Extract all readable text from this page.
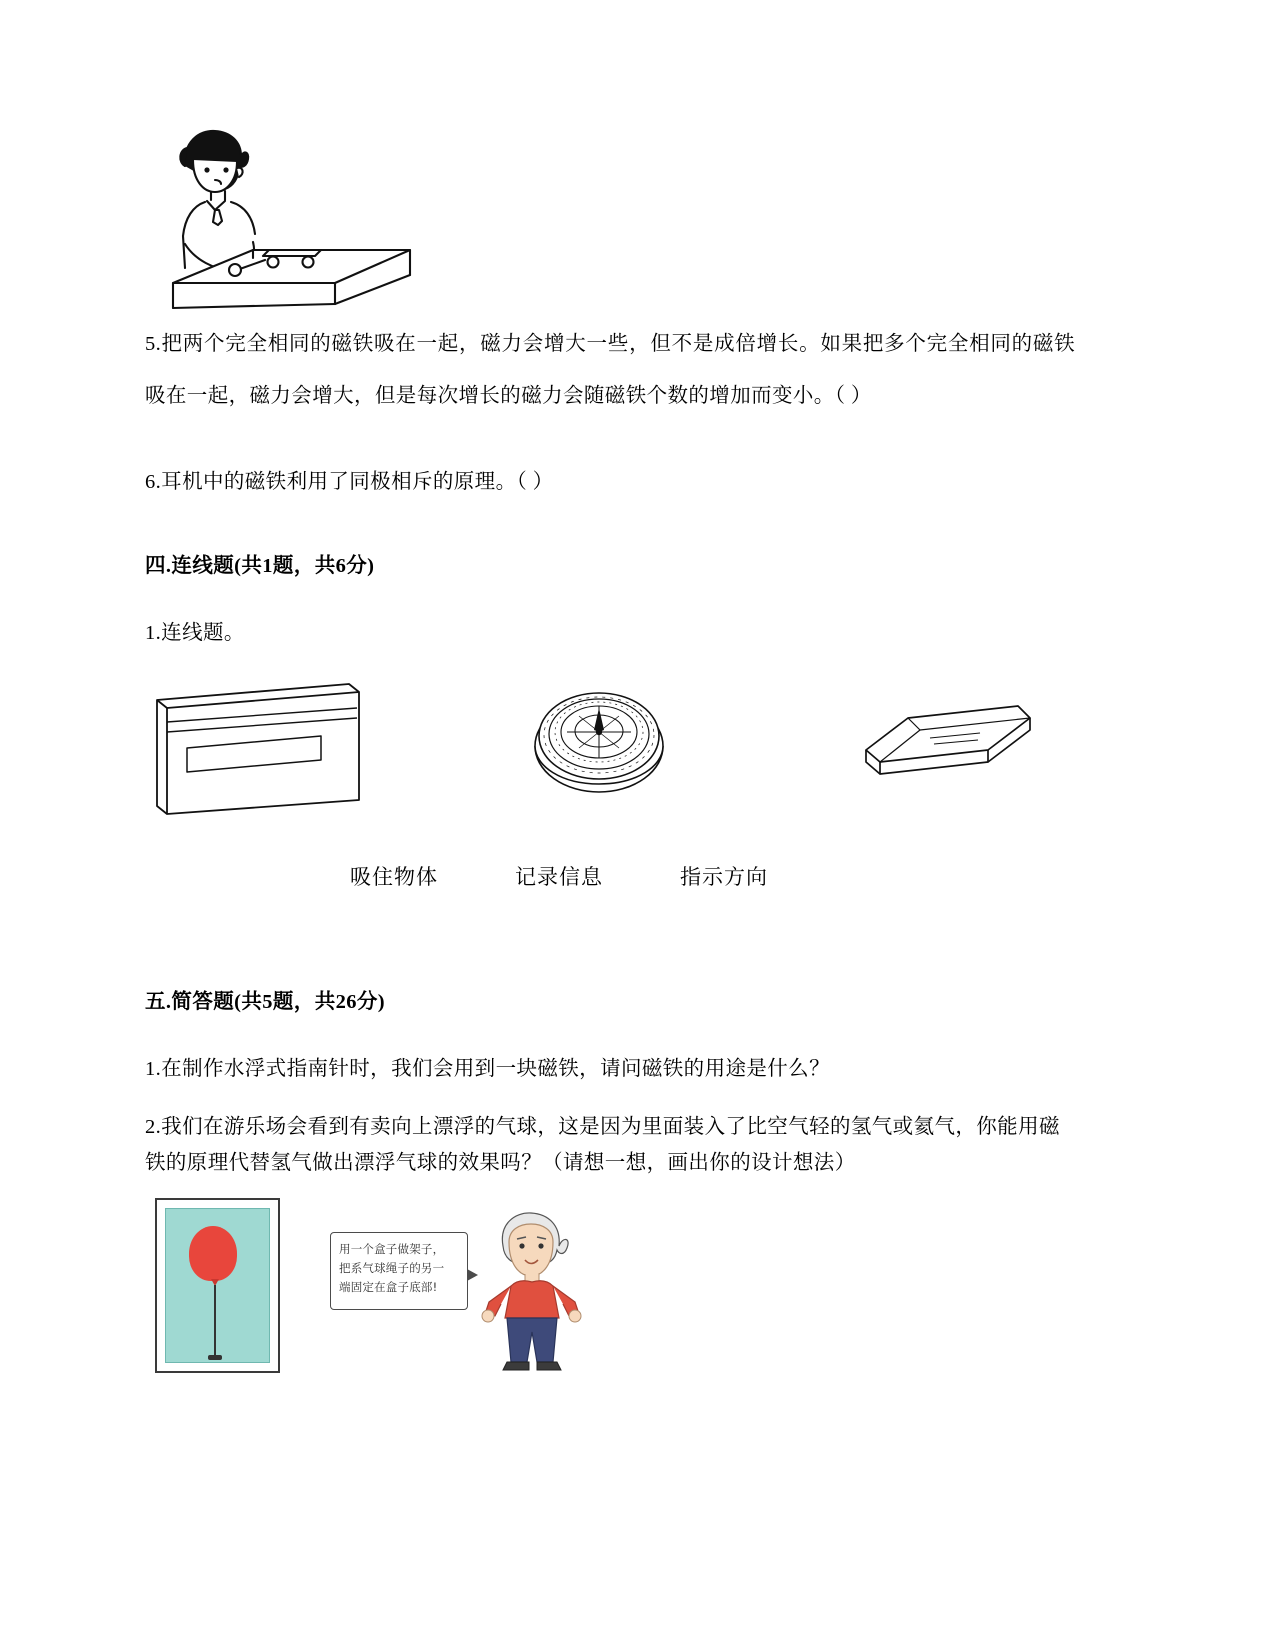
5.把两个完全相同的磁铁吸在一起，磁力会增大一些，但不是成倍增长。如果把多个完全相同的磁铁吸在一起，磁力会增大，但是每次增长的磁力会随磁铁个数的增加而变小。（ ）
6.耳机中的磁铁利用了同极相斥的原理。（ ）
四.连线题(共1题，共6分)
1.连线题。
吸住物体	记录信息	指示方向
五.简答题(共5题，共26分)
1.在制作水浮式指南针时，我们会用到一块磁铁，请问磁铁的用途是什么？
2.我们在游乐场会看到有卖向上漂浮的气球，这是因为里面装入了比空气轻的氢气或氦气，你能用磁铁的原理代替氢气做出漂浮气球的效果吗？（请想一想，画出你的设计想法）
用一个盒子做架子，
把系气球绳子的另一
端固定在盒子底部!
